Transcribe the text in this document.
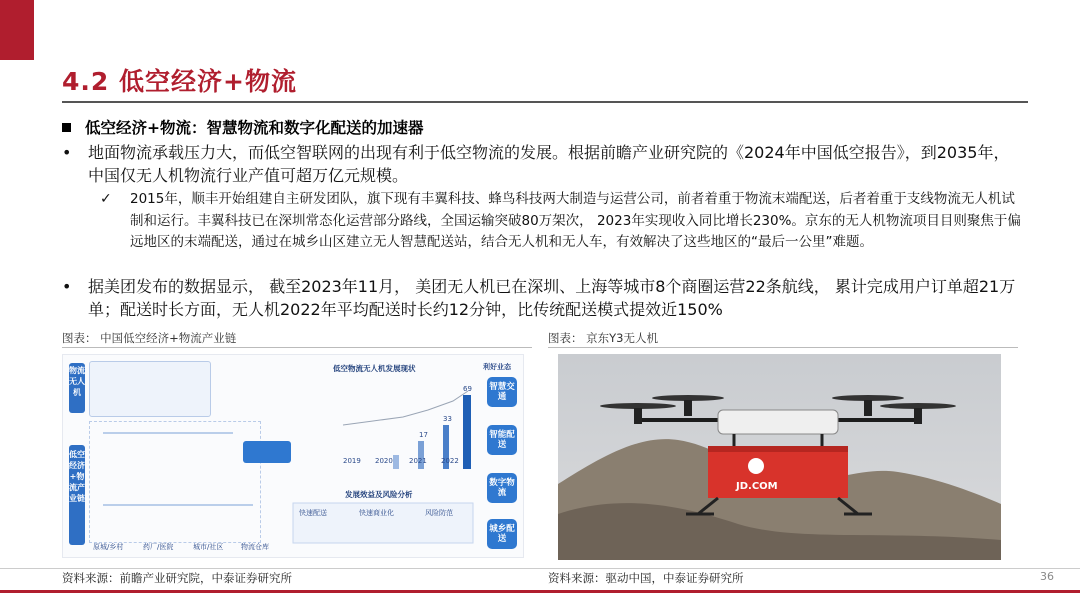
4.2 低空经济+物流
低空经济+物流：智慧物流和数字化配送的加速器
• 地面物流承载压力大，而低空智联网的出现有利于低空物流的发展。根据前瞻产业研究院的《2024年中国低空报告》，到2035年，中国仅无人机物流行业产值可超万亿元规模。
✓ 2015年，顺丰开始组建自主研发团队，旗下现有丰翼科技、蜂鸟科技两大制造与运营公司，前者着重于物流末端配送，后者着重于支线物流无人机试制和运行。丰翼科技已在深圳常态化运营部分路线，全国运输突破80万架次， 2023年实现收入同比增长230%。京东的无人机物流项目目则聚焦于偏远地区的末端配送，通过在城乡山区建立无人智慧配送站，结合无人机和无人车，有效解决了这些地区的“最后一公里”难题。
• 据美团发布的数据显示， 截至2023年11月， 美团无人机已在深圳、上海等城市8个商圈运营22条航线， 累计完成用户订单超21万单；配送时长方面，无人机2022年平均配送时长约12分钟，比传统配送模式提效近150%
图表： 中国低空经济+物流产业链	图表： 京东Y3无人机
物流无人机
低空经济+物流产业链
低空物流无人机发展现状
发展效益及风险分析
利好业态
2019 2020 2021 2022
17
33
69
快速配送	快速商业化	风险防范
智慧交通
智能配送
数字物流
城乡配送
原城/乡村	药厂/医院	城市/社区	物流仓库
JD.COM
资料来源：前瞻产业研究院，中泰证券研究所	资料来源：驱动中国，中泰证券研究所	36
